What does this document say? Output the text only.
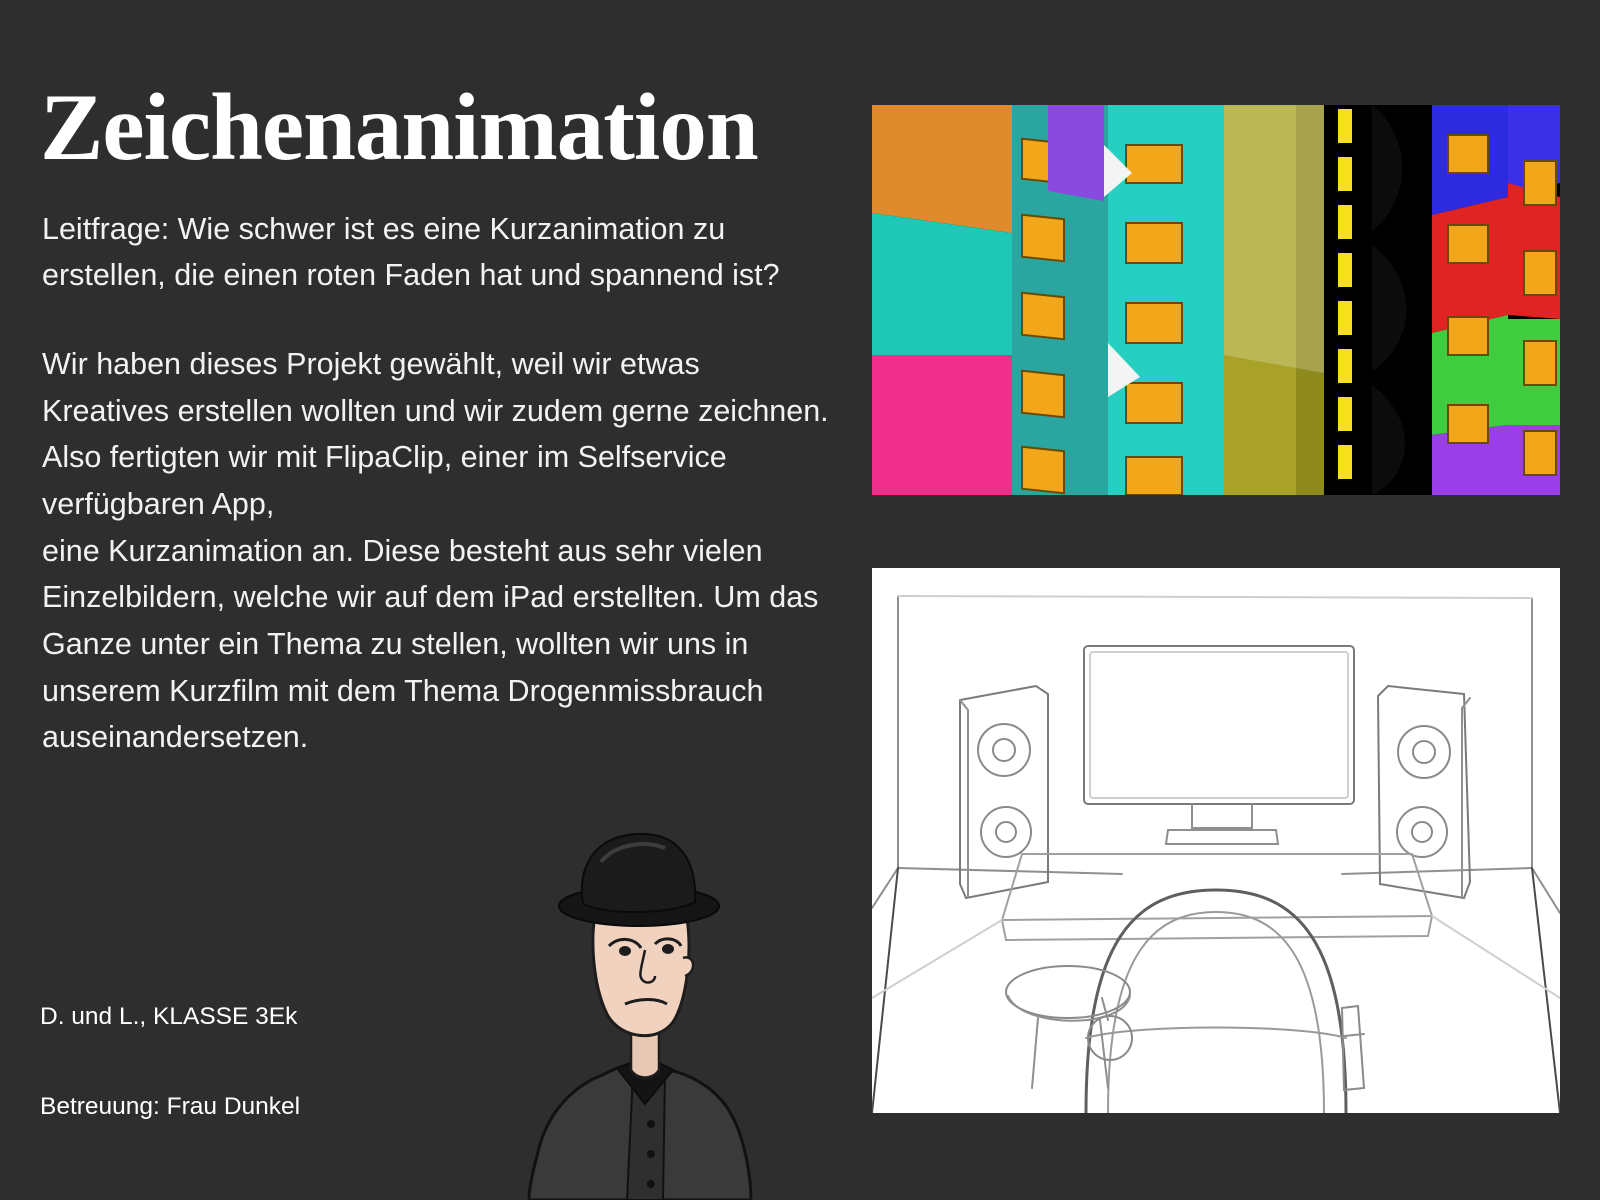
Zeichenanimation

Leitfrage: Wie schwer ist es eine Kurzanimation zu erstellen, die einen roten Faden hat und spannend ist?

Wir haben dieses Projekt gewählt, weil wir etwas Kreatives erstellen wollten und wir zudem gerne zeichnen. Also fertigten wir mit FlipaClip, einer im Selfservice verfügbaren App,

eine Kurzanimation an. Diese besteht aus sehr vielen Einzelbildern, welche wir auf dem iPad erstellten. Um das Ganze unter ein Thema zu stellen, wollten wir uns in unserem Kurzfilm mit dem Thema Drogenmissbrauch auseinandersetzen.

D. und L., KLASSE 3Ek
Betreuung: Frau Dunkel
